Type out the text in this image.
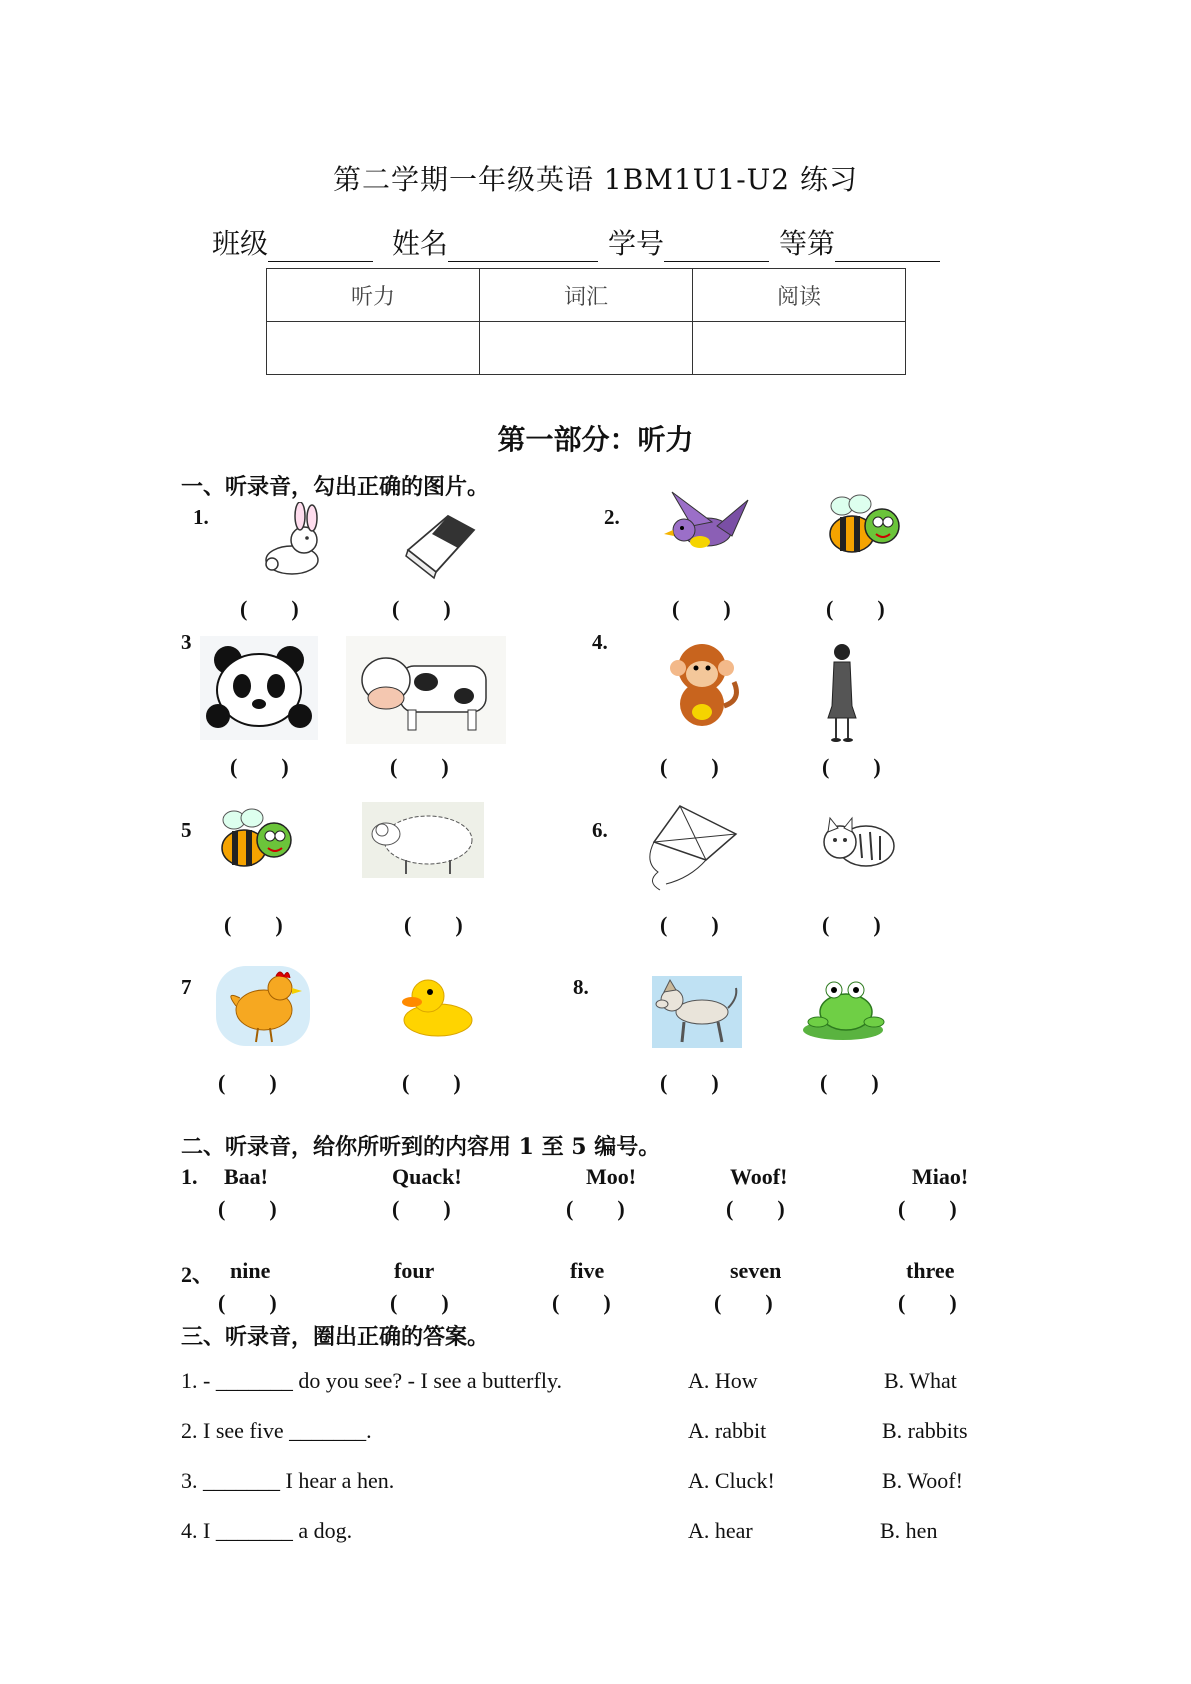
第二学期一年级英语 1BM1U1-U2 练习
班级	姓名	学号	等第
听力	词汇	阅读

第一部分：听力
一、听录音，勾出正确的图片。
1.	2.
3	4.
5	6.
7	8.
(        )	(        )	(        )	(        )
(        )	(        )	(        )	(        )
(        )	(        )	(        )	(        )
(        )	(        )	(        )	(        )
二、听录音，给你所听到的内容用 1 至 5 编号。
1. Baa!	Quack!	Moo!	Woof!	Miao!
(        )	(        )	(        )	(        )	(        )
2、 nine	four	five	seven	three
(        )	(        )	(        )	(        )	(        )
三、听录音，圈出正确的答案。
1. - _______ do you see? - I see a butterfly.	A. How	B. What
2. I see five _______.	A. rabbit	B. rabbits
3. _______ I hear a hen.	A. Cluck!	B. Woof!
4. I _______ a dog.	A. hear	B. hen
